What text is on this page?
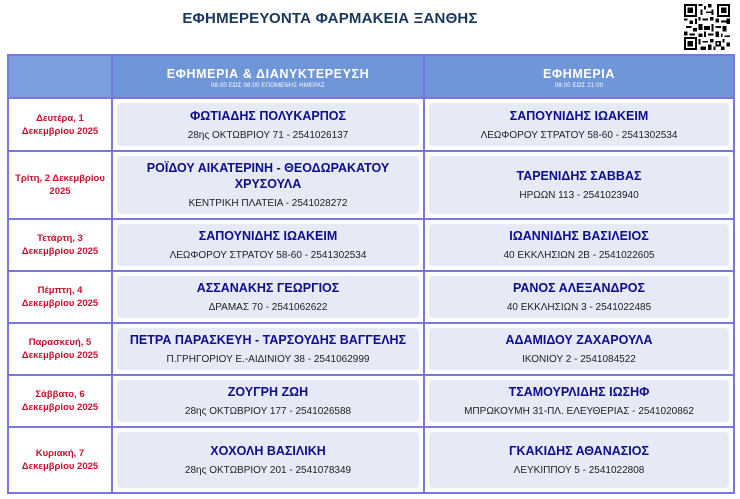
ΕΦΗΜΕΡΕΥΟΝΤΑ ΦΑΡΜΑΚΕΙΑ ΞΑΝΘΗΣ
ΕΦΗΜΕΡΙΑ & ΔΙΑΝΥΚΤΕΡΕΥΣΗ
08:00 ΕΩΣ 08:00 ΕΠΟΜΕΝΗΣ ΗΜΕΡΑΣ
ΕΦΗΜΕΡΙΑ
08:00 ΕΩΣ 21:00
Δευτέρα, 1 Δεκεμβρίου 2025
ΦΩΤΙΑΔΗΣ ΠΟΛΥΚΑΡΠΟΣ
28ης ΟΚΤΩΒΡΙΟΥ 71 - 2541026137
ΣΑΠΟΥΝΙΔΗΣ ΙΩΑΚΕΙΜ
ΛΕΩΦΟΡΟΥ ΣΤΡΑΤΟΥ 58-60 - 2541302534
Τρίτη, 2 Δεκεμβρίου 2025
ΡΟΪΔΟΥ ΑΙΚΑΤΕΡΙΝΗ - ΘΕΟΔΩΡΑΚΑΤΟΥ ΧΡΥΣΟΥΛΑ
ΚΕΝΤΡΙΚΗ ΠΛΑΤΕΙΑ - 2541028272
ΤΑΡΕΝΙΔΗΣ ΣΑΒΒΑΣ
ΗΡΩΩΝ 113 - 2541023940
Τετάρτη, 3 Δεκεμβρίου 2025
ΣΑΠΟΥΝΙΔΗΣ ΙΩΑΚΕΙΜ
ΛΕΩΦΟΡΟΥ ΣΤΡΑΤΟΥ 58-60 - 2541302534
ΙΩΑΝΝΙΔΗΣ ΒΑΣΙΛΕΙΟΣ
40 ΕΚΚΛΗΣΙΩΝ 2Β - 2541022605
Πέμπτη, 4 Δεκεμβρίου 2025
ΑΣΣΑΝΑΚΗΣ ΓΕΩΡΓΙΟΣ
ΔΡΑΜΑΣ 70 - 2541062622
ΡΑΝΟΣ ΑΛΕΞΑΝΔΡΟΣ
40 ΕΚΚΛΗΣΙΩΝ 3 - 2541022485
Παρασκευή, 5 Δεκεμβρίου 2025
ΠΕΤΡΑ ΠΑΡΑΣΚΕΥΗ - ΤΑΡΣΟΥΔΗΣ ΒΑΓΓΕΛΗΣ
Π.ΓΡΗΓΟΡΙΟΥ Ε.-ΑΙΔΙΝΙΟΥ 38 - 2541062999
ΑΔΑΜΙΔΟΥ ΖΑΧΑΡΟΥΛΑ
ΙΚΟΝΙΟΥ 2 - 2541084522
Σάββατο, 6 Δεκεμβρίου 2025
ΖΟΥΓΡΗ ΖΩΗ
28ης ΟΚΤΩΒΡΙΟΥ 177 - 2541026588
ΤΣΑΜΟΥΡΛΙΔΗΣ ΙΩΣΗΦ
ΜΠΡΩΚΟΥΜΗ 31-ΠΛ. ΕΛΕΥΘΕΡΙΑΣ - 2541020862
Κυριακή, 7 Δεκεμβρίου 2025
ΧΟΧΟΛΗ ΒΑΣΙΛΙΚΗ
28ης ΟΚΤΩΒΡΙΟΥ 201 - 2541078349
ΓΚΑΚΙΔΗΣ ΑΘΑΝΑΣΙΟΣ
ΛΕΥΚΙΠΠΟΥ 5 - 2541022808
